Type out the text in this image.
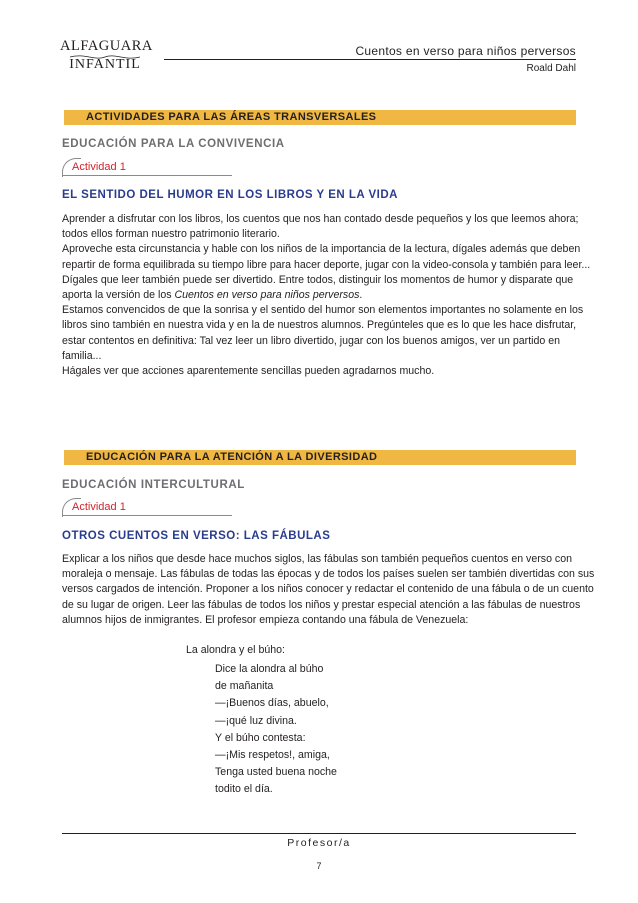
ALFAGUARA
INFANTIL
Cuentos en verso para niños perversos
Roald Dahl
ACTIVIDADES PARA LAS ÁREAS TRANSVERSALES
EDUCACIÓN PARA LA CONVIVENCIA
Actividad 1
EL SENTIDO DEL HUMOR EN LOS LIBROS Y EN LA VIDA

Aprender a disfrutar con los libros, los cuentos que nos han contado desde pequeños y los que leemos ahora; todos ellos forman nuestro patrimonio literario.

Aproveche esta circunstancia y hable con los niños de la importancia de la lectura, dígales además que deben repartir de forma equilibrada su tiempo libre para hacer deporte, jugar con la video-consola y también para leer...

Dígales que leer también puede ser divertido. Entre todos, distinguir los momentos de humor y disparate que aporta la versión de los Cuentos en verso para niños perversos.

Estamos convencidos de que la sonrisa y el sentido del humor son elementos importantes no solamente en los libros sino también en nuestra vida y en la de nuestros alumnos. Pregúnteles que es lo que les hace disfrutar, estar contentos en definitiva: Tal vez leer un libro divertido, jugar con los buenos amigos, ver un partido en familia...

Hágales ver que acciones aparentemente sencillas pueden agradarnos mucho.

EDUCACIÓN PARA LA ATENCIÓN A LA DIVERSIDAD
EDUCACIÓN INTERCULTURAL
Actividad 1
OTROS CUENTOS EN VERSO: LAS FÁBULAS

Explicar a los niños que desde hace muchos siglos, las fábulas son también pequeños cuentos en verso con moraleja o mensaje. Las fábulas de todas las épocas y de todos los países suelen ser también divertidas con sus versos cargados de intención. Proponer a los niños conocer y redactar el contenido de una fábula o de un cuento de su lugar de origen. Leer las fábulas de todos los niños y prestar especial atención a las fábulas de nuestros alumnos hijos de inmigrantes. El profesor empieza contando una fábula de Venezuela:

La alondra y el búho:
Dice la alondra al búho
de mañanita
—¡Buenos días, abuelo,
—¡qué luz divina.
Y el búho contesta:
—¡Mis respetos!, amiga,
Tenga usted buena noche
todito el día.
Profesor/a
7
